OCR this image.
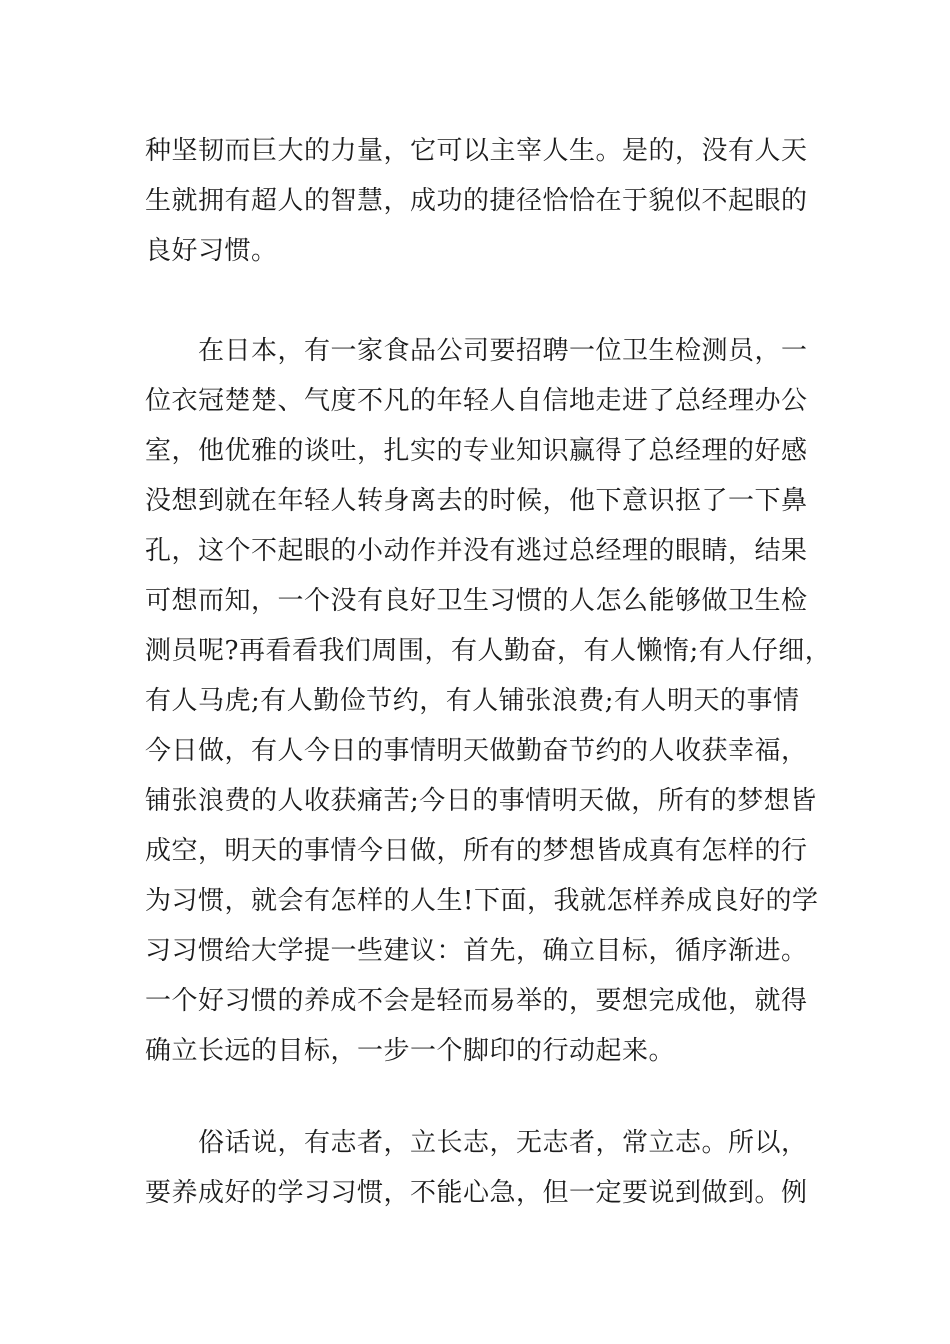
种坚韧而巨大的力量，它可以主宰人生。是的，没有人天
生就拥有超人的智慧，成功的捷径恰恰在于貌似不起眼的
良好习惯。
　　在日本，有一家食品公司要招聘一位卫生检测员，一
位衣冠楚楚、气度不凡的年轻人自信地走进了总经理办公
室，他优雅的谈吐，扎实的专业知识赢得了总经理的好感
没想到就在年轻人转身离去的时候，他下意识抠了一下鼻
孔，这个不起眼的小动作并没有逃过总经理的眼睛，结果
可想而知，一个没有良好卫生习惯的人怎么能够做卫生检
测员呢?再看看我们周围，有人勤奋，有人懒惰;有人仔细，
有人马虎;有人勤俭节约，有人铺张浪费;有人明天的事情
今日做，有人今日的事情明天做勤奋节约的人收获幸福，
铺张浪费的人收获痛苦;今日的事情明天做，所有的梦想皆
成空，明天的事情今日做，所有的梦想皆成真有怎样的行
为习惯，就会有怎样的人生!下面，我就怎样养成良好的学
习习惯给大学提一些建议：首先，确立目标，循序渐进。
一个好习惯的养成不会是轻而易举的，要想完成他，就得
确立长远的目标，一步一个脚印的行动起来。
　　俗话说，有志者，立长志，无志者，常立志。所以，
要养成好的学习习惯，不能心急，但一定要说到做到。例
